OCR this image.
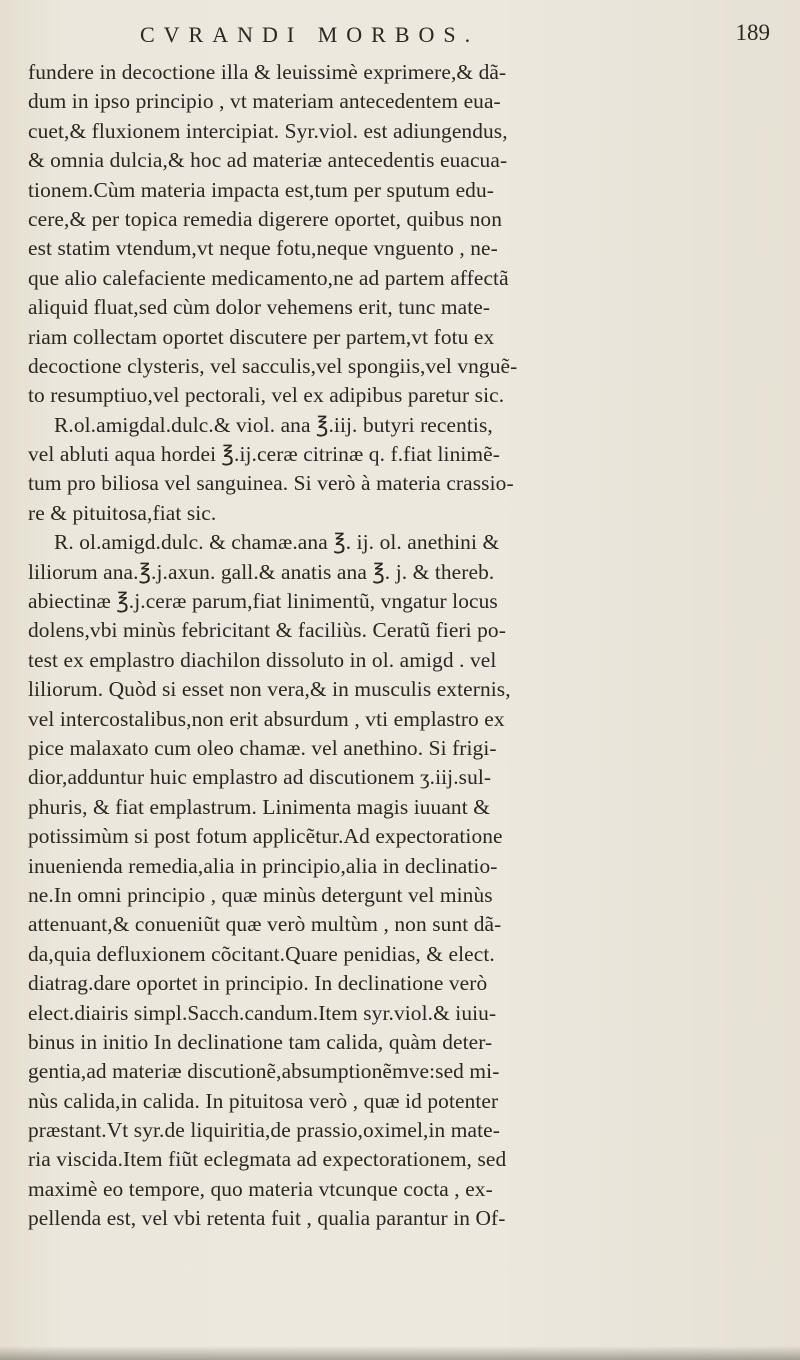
CVRANDI MORBOS.	189
fundere in decoctione illa & leuissimè exprimere,& dã-
dum in ipso principio , vt materiam antecedentem eua-
cuet,& fluxionem intercipiat. Syr.viol. est adiungendus,
& omnia dulcia,& hoc ad materiæ antecedentis euacua-
tionem.Cùm materia impacta est,tum per sputum edu-
cere,& per topica remedia digerere oportet, quibus non
est statim vtendum,vt neque fotu,neque vnguento , ne-
que alio calefaciente medicamento,ne ad partem affectã
aliquid fluat,sed cùm dolor vehemens erit, tunc mate-
riam collectam oportet discutere per partem,vt fotu ex
decoctione clysteris, vel sacculis,vel spongiis,vel vnguẽ-
to resumptiuo,vel pectorali, vel ex adipibus paretur sic.
R.ol.amigdal.dulc.& viol. ana ℥.iij. butyri recentis,
vel abluti aqua hordei ℥.ij.ceræ citrinæ q. f.fiat linimẽ-
tum pro biliosa vel sanguinea. Si verò à materia crassio-
re & pituitosa,fiat sic.
R. ol.amigd.dulc. & chamæ.ana ℥. ij. ol. anethini &
liliorum ana.℥.j.axun. gall.& anatis ana ℥. j. & thereb.
abiectinæ ℥.j.ceræ parum,fiat linimentũ, vngatur locus
dolens,vbi minùs febricitant & faciliùs. Ceratũ fieri po-
test ex emplastro diachilon dissoluto in ol. amigd . vel
liliorum. Quòd si esset non vera,& in musculis externis,
vel intercostalibus,non erit absurdum , vti emplastro ex
pice malaxato cum oleo chamæ. vel anethino. Si frigi-
dior,adduntur huic emplastro ad discutionem ʒ.iij.sul-
phuris, & fiat emplastrum. Linimenta magis iuuant &
potissimùm si post fotum applicẽtur.Ad expectoratione
inuenienda remedia,alia in principio,alia in declinatio-
ne.In omni principio , quæ minùs detergunt vel minùs
attenuant,& conueniũt quæ verò multùm , non sunt dã-
da,quia defluxionem cõcitant.Quare penidias, & elect.
diatrag.dare oportet in principio. In declinatione verò
elect.diairis simpl.Sacch.candum.Item syr.viol.& iuiu-
binus in initio In declinatione tam calida, quàm deter-
gentia,ad materiæ discutionẽ,absumptionẽmve:sed mi-
nùs calida,in calida. In pituitosa verò , quæ id potenter
præstant.Vt syr.de liquiritia,de prassio,oximel,in mate-
ria viscida.Item fiũt eclegmata ad expectorationem, sed
maximè eo tempore, quo materia vtcunque cocta , ex-
pellenda est, vel vbi retenta fuit , qualia parantur in Of-
